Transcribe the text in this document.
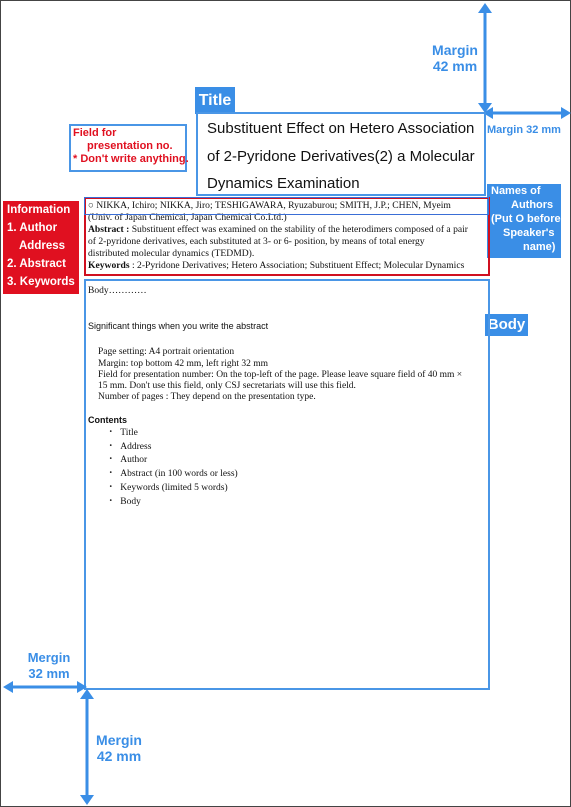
Margin
42 mm
Margin 32 mm
Title
Substituent Effect on Hetero Association
of 2-Pyridone Derivatives(2) a Molecular
Dynamics Examination
Field for
presentation no.
* Don't write anything.
Information
1. Author
Address
2. Abstract
3. Keywords
Names of
Authors
(Put O before
Speaker's
name)
○ NIKKA, Ichiro; NIKKA, Jiro; TESHIGAWARA, Ryuzaburou; SMITH, J.P.; CHEN, Myeim
(Univ. of Japan Chemical, Japan Chemical Co.Ltd.)
Abstract : Substituent effect was examined on the stability of the heterodimers composed of a pair
of 2-pyridone derivatives, each substituted at 3- or 6- position, by means of total energy
distributed molecular dynamics (TEDMD).
Keywords : 2-Pyridone Derivatives; Hetero Association; Substituent Effect; Molecular Dynamics
Body
Body…………
Significant things when you write the abstract
Page setting: A4 portrait orientation
Margin: top bottom 42 mm, left right 32 mm
Field for presentation number: On the top-left of the page. Please leave square field of 40 mm ×
15 mm. Don't use this field, only CSJ secretariats will use this field.
Number of pages : They depend on the presentation type.
Contents
・ Title
・ Address
・ Author
・ Abstract (in 100 words or less)
・ Keywords (limited 5 words)
・ Body
Mergin
32 mm
Mergin
42 mm
